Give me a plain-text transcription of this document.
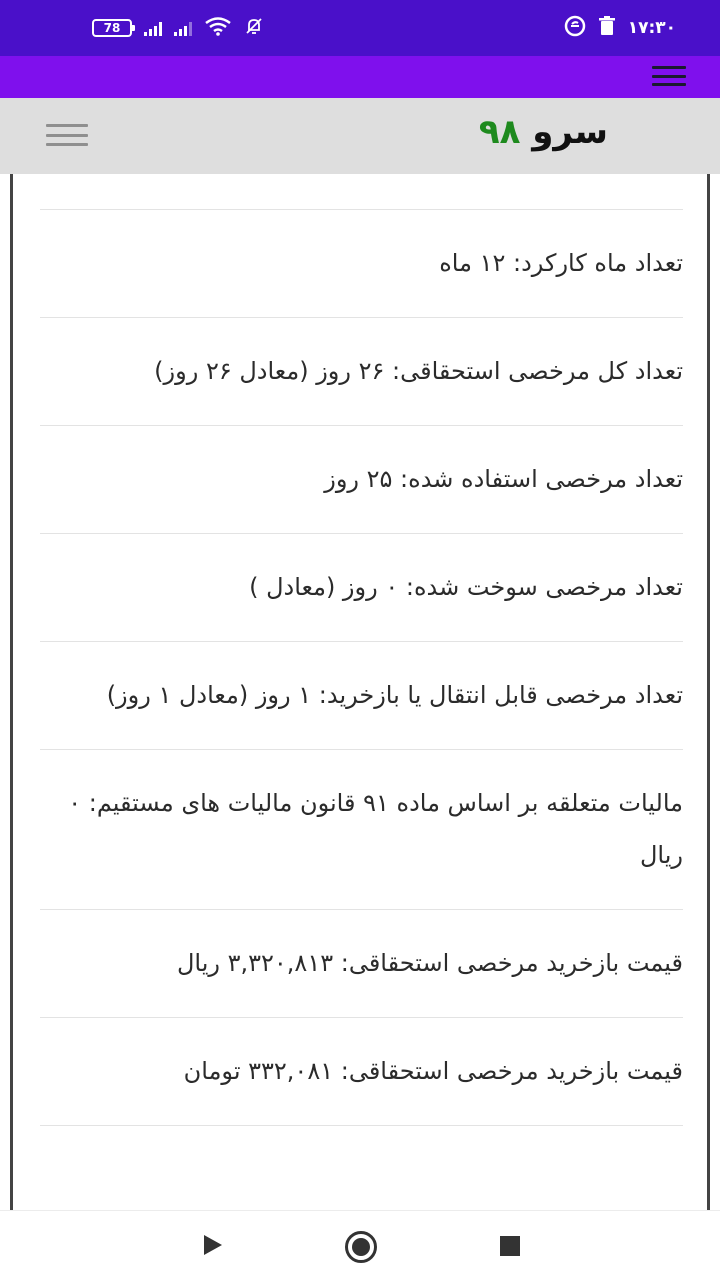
78	۱۷:۳۰
سرو ۹۸
تعداد ماه کارکرد: ۱۲ ماه
تعداد کل مرخصی استحقاقی: ۲۶ روز (معادل ۲۶ روز)
تعداد مرخصی استفاده شده: ۲۵ روز
تعداد مرخصی سوخت شده: ۰ روز (معادل )
تعداد مرخصی قابل انتقال یا بازخرید: ۱ روز (معادل ۱ روز)
مالیات متعلقه بر اساس ماده ۹۱ قانون مالیات های مستقیم: ۰ ریال
قیمت بازخرید مرخصی استحقاقی: ۳,۳۲۰,۸۱۳ ریال
قیمت بازخرید مرخصی استحقاقی: ۳۳۲,۰۸۱ تومان
